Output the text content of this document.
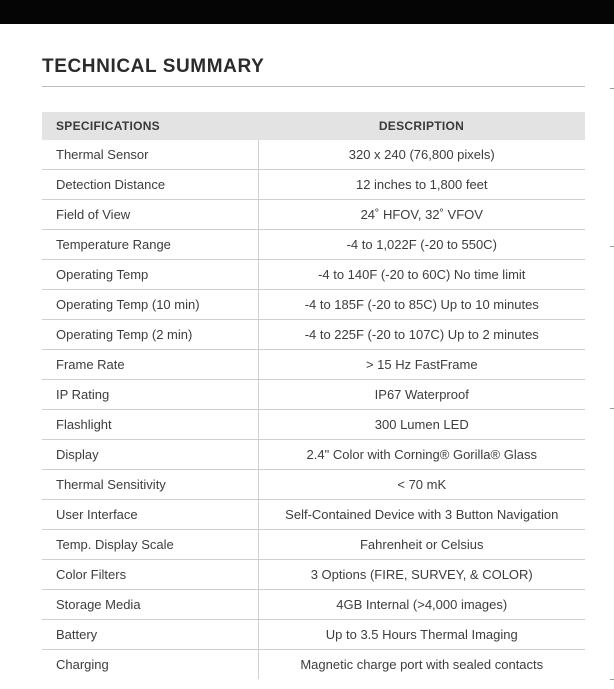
TECHNICAL SUMMARY
SPECIFICATIONS	DESCRIPTION
Thermal Sensor	320 x 240 (76,800 pixels)
Detection Distance	12 inches to 1,800 feet
Field of View	24˚ HFOV, 32˚ VFOV
Temperature Range	-4 to 1,022F (-20 to 550C)
Operating Temp	-4 to 140F (-20 to 60C) No time limit
Operating Temp (10 min)	-4 to 185F (-20 to 85C) Up to 10 minutes
Operating Temp (2 min)	-4 to 225F (-20 to 107C) Up to 2 minutes
Frame Rate	> 15 Hz FastFrame
IP Rating	IP67 Waterproof
Flashlight	300 Lumen LED
Display	2.4" Color with Corning® Gorilla® Glass
Thermal Sensitivity	< 70 mK
User Interface	Self-Contained Device with 3 Button Navigation
Temp. Display Scale	Fahrenheit or Celsius
Color Filters	3 Options (FIRE, SURVEY, & COLOR)
Storage Media	4GB Internal (>4,000 images)
Battery	Up to 3.5 Hours Thermal Imaging
Charging	Magnetic charge port with sealed contacts
